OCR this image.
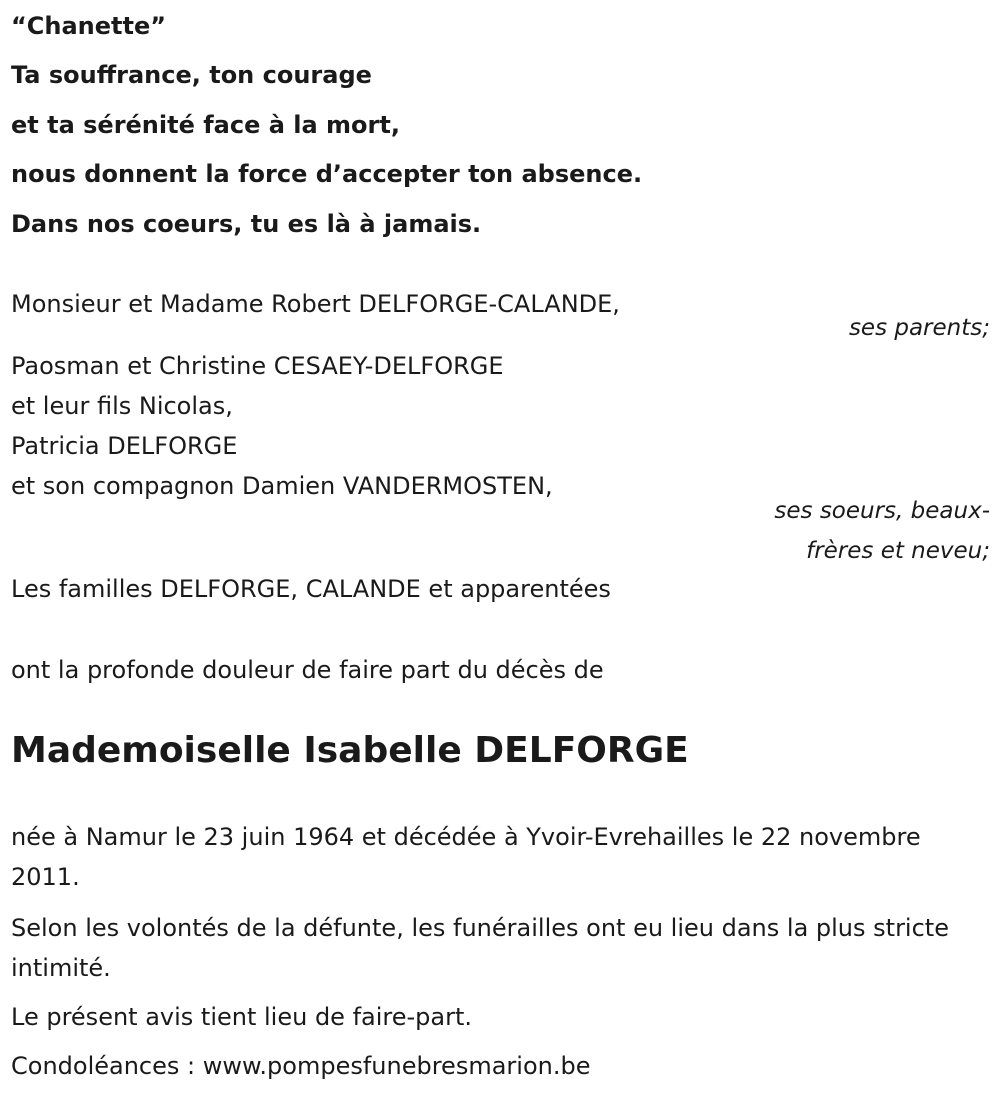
“Chanette”
Ta souffrance, ton courage
et ta sérénité face à la mort,
nous donnent la force d’accepter ton absence.
Dans nos coeurs, tu es là à jamais.
Monsieur et Madame Robert DELFORGE-CALANDE,
ses parents;
Paosman et Christine CESAEY-DELFORGE
et leur fils Nicolas,
Patricia DELFORGE
et son compagnon Damien VANDERMOSTEN,
ses soeurs, beaux-
frères et neveu;
Les familles DELFORGE, CALANDE et apparentées
ont la profonde douleur de faire part du décès de
Mademoiselle Isabelle DELFORGE
née à Namur le 23 juin 1964 et décédée à Yvoir-Evrehailles le 22 novembre 2011.
Selon les volontés de la défunte, les funérailles ont eu lieu dans la plus stricte intimité.
Le présent avis tient lieu de faire-part.
Condoléances : www.pompesfunebresmarion.be
